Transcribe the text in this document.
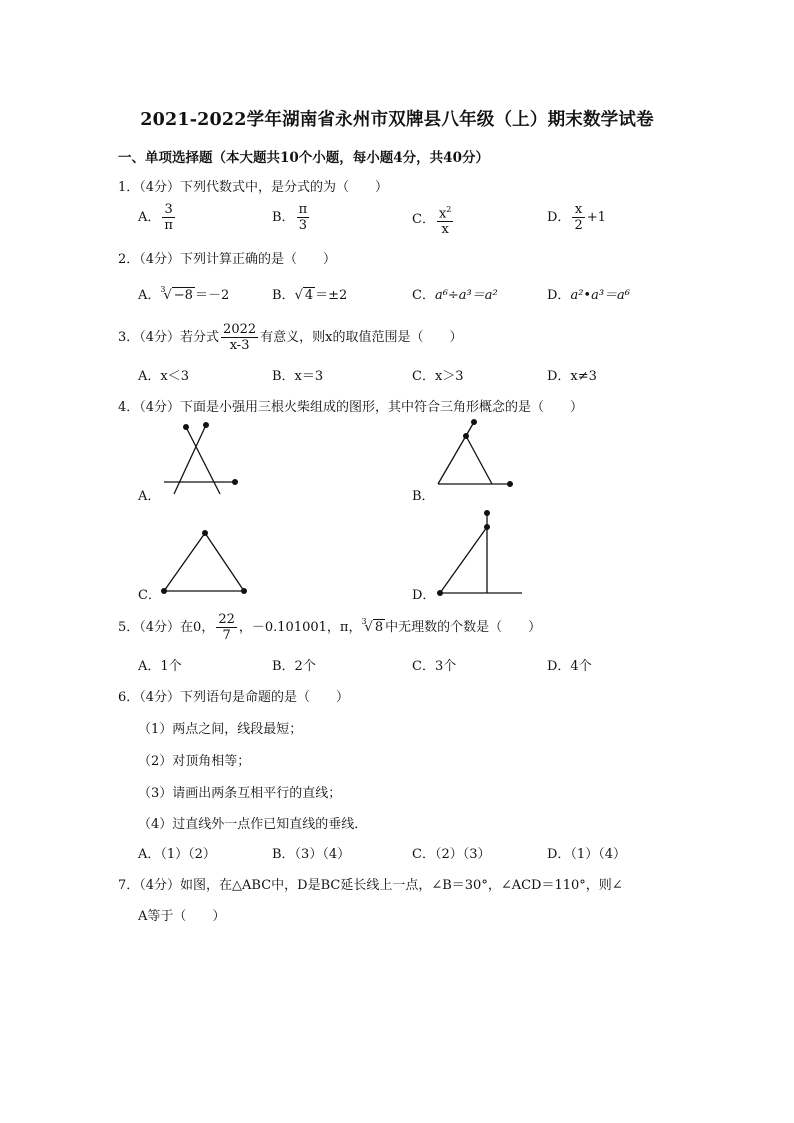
2021-2022学年湖南省永州市双牌县八年级（上）期末数学试卷
一、单项选择题（本大题共10个小题，每小题4分，共40分）
1．（4分）下列代数式中，是分式的为（　　）
A． $\frac{3}{\pi}$	B． $\frac{\pi}{3}$	C． $\frac{x^2}{x}$	D． $\frac{x}{2} +1$
2．（4分）下列计算正确的是（　　）
A．$^3$√ −8 ＝－2	B．√ 4 ＝±2	C．a⁶÷a³＝a²	D．a²•a³＝a⁶
3．（4分）若分式 $\frac{2022}{x-3}$ 有意义，则x的取值范围是（　　）
A．x＜3	B．x＝3	C．x＞3	D．x≠3
4．（4分）下面是小强用三根火柴组成的图形，其中符合三角形概念的是（　　）
A．	B．
C．	D．
5．（4分）在0， $\frac{22}{7}$ ，－0.101001，π，$^3$√ 8 中无理数的个数是（　　）
A．1个	B．2个	C．3个	D．4个
6．（4分）下列语句是命题的是（　　）
（1）两点之间，线段最短；
（2）对顶角相等；
（3）请画出两条互相平行的直线；
（4）过直线外一点作已知直线的垂线．
A．（1）（2）	B．（3）（4）	C．（2）（3）	D．（1）（4）
7．（4分）如图，在△ABC中，D是BC延长线上一点，∠B＝30°，∠ACD＝110°，则∠
A等于（　　）
